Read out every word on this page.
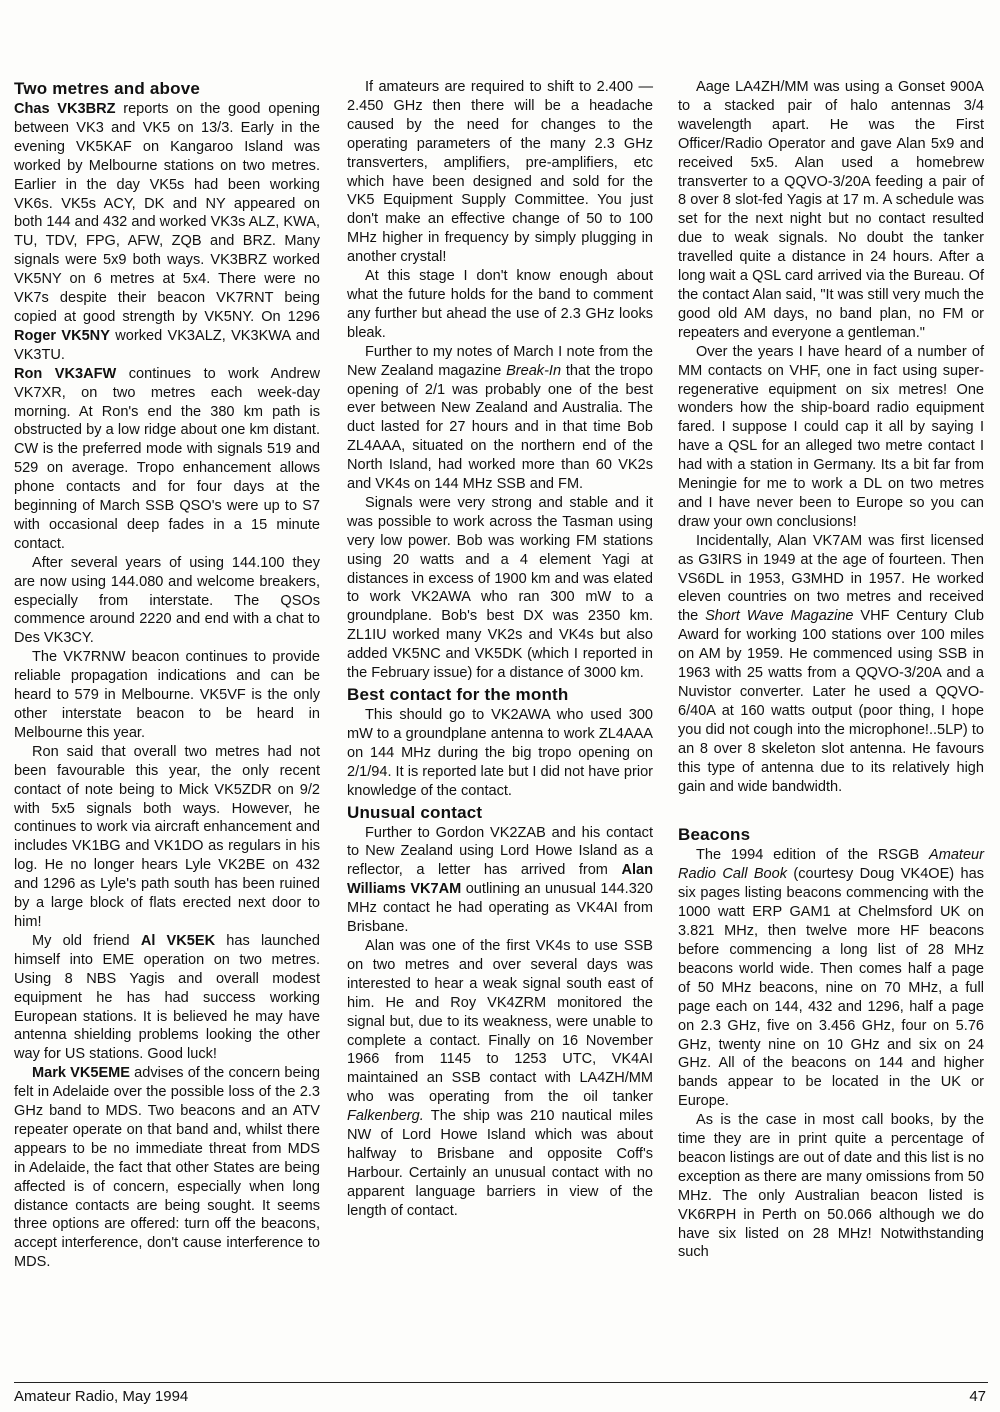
Two metres and above

Chas VK3BRZ reports on the good opening between VK3 and VK5 on 13/3. Early in the evening VK5KAF on Kangaroo Island was worked by Melbourne stations on two metres. Earlier in the day VK5s had been working VK6s. VK5s ACY, DK and NY appeared on both 144 and 432 and worked VK3s ALZ, KWA, TU, TDV, FPG, AFW, ZQB and BRZ. Many signals were 5x9 both ways. VK3BRZ worked VK5NY on 6 metres at 5x4. There were no VK7s despite their beacon VK7RNT being copied at good strength by VK5NY. On 1296 Roger VK5NY worked VK3ALZ, VK3KWA and VK3TU.

Ron VK3AFW continues to work Andrew VK7XR, on two metres each week-day morning. At Ron's end the 380 km path is obstructed by a low ridge about one km distant. CW is the preferred mode with signals 519 and 529 on average. Tropo enhancement allows phone contacts and for four days at the beginning of March SSB QSO's were up to S7 with occasional deep fades in a 15 minute contact.

After several years of using 144.100 they are now using 144.080 and welcome breakers, especially from interstate. The QSOs commence around 2220 and end with a chat to Des VK3CY.

The VK7RNW beacon continues to provide reliable propagation indications and can be heard to 579 in Melbourne. VK5VF is the only other interstate beacon to be heard in Melbourne this year.

Ron said that overall two metres had not been favourable this year, the only recent contact of note being to Mick VK5ZDR on 9/2 with 5x5 signals both ways. However, he continues to work via aircraft enhancement and includes VK1BG and VK1DO as regulars in his log. He no longer hears Lyle VK2BE on 432 and 1296 as Lyle's path south has been ruined by a large block of flats erected next door to him!

My old friend Al VK5EK has launched himself into EME operation on two metres. Using 8 NBS Yagis and overall modest equipment he has had success working European stations. It is believed he may have antenna shielding problems looking the other way for US stations. Good luck!

Mark VK5EME advises of the concern being felt in Adelaide over the possible loss of the 2.3 GHz band to MDS. Two beacons and an ATV repeater operate on that band and, whilst there appears to be no immediate threat from MDS in Adelaide, the fact that other States are being affected is of concern, especially when long distance contacts are being sought. It seems three options are offered: turn off the beacons, accept interference, don't cause interference to MDS.

If amateurs are required to shift to 2.400 — 2.450 GHz then there will be a headache caused by the need for changes to the operating parameters of the many 2.3 GHz transverters, amplifiers, pre-amplifiers, etc which have been designed and sold for the VK5 Equipment Supply Committee. You just don't make an effective change of 50 to 100 MHz higher in frequency by simply plugging in another crystal!

At this stage I don't know enough about what the future holds for the band to comment any further but ahead the use of 2.3 GHz looks bleak.

Further to my notes of March I note from the New Zealand magazine Break-In that the tropo opening of 2/1 was probably one of the best ever between New Zealand and Australia. The duct lasted for 27 hours and in that time Bob ZL4AAA, situated on the northern end of the North Island, had worked more than 60 VK2s and VK4s on 144 MHz SSB and FM.

Signals were very strong and stable and it was possible to work across the Tasman using very low power. Bob was working FM stations using 20 watts and a 4 element Yagi at distances in excess of 1900 km and was elated to work VK2AWA who ran 300 mW to a groundplane. Bob's best DX was 2350 km. ZL1IU worked many VK2s and VK4s but also added VK5NC and VK5DK (which I reported in the February issue) for a distance of 3000 km.

Best contact for the month

This should go to VK2AWA who used 300 mW to a groundplane antenna to work ZL4AAA on 144 MHz during the big tropo opening on 2/1/94. It is reported late but I did not have prior knowledge of the contact.

Unusual contact

Further to Gordon VK2ZAB and his contact to New Zealand using Lord Howe Island as a reflector, a letter has arrived from Alan Williams VK7AM outlining an unusual 144.320 MHz contact he had operating as VK4AI from Brisbane.

Alan was one of the first VK4s to use SSB on two metres and over several days was interested to hear a weak signal south east of him. He and Roy VK4ZRM monitored the signal but, due to its weakness, were unable to complete a contact. Finally on 16 November 1966 from 1145 to 1253 UTC, VK4AI maintained an SSB contact with LA4ZH/MM who was operating from the oil tanker Falkenberg. The ship was 210 nautical miles NW of Lord Howe Island which was about halfway to Brisbane and opposite Coff's Harbour. Certainly an unusual contact with no apparent language barriers in view of the length of contact.

Aage LA4ZH/MM was using a Gonset 900A to a stacked pair of halo antennas 3/4 wavelength apart. He was the First Officer/Radio Operator and gave Alan 5x9 and received 5x5. Alan used a homebrew transverter to a QQVO-3/20A feeding a pair of 8 over 8 slot-fed Yagis at 17 m. A schedule was set for the next night but no contact resulted due to weak signals. No doubt the tanker travelled quite a distance in 24 hours. After a long wait a QSL card arrived via the Bureau. Of the contact Alan said, "It was still very much the good old AM days, no band plan, no FM or repeaters and everyone a gentleman."

Over the years I have heard of a number of MM contacts on VHF, one in fact using super-regenerative equipment on six metres! One wonders how the ship-board radio equipment fared. I suppose I could cap it all by saying I have a QSL for an alleged two metre contact I had with a station in Germany. Its a bit far from Meningie for me to work a DL on two metres and I have never been to Europe so you can draw your own conclusions!

Incidentally, Alan VK7AM was first licensed as G3IRS in 1949 at the age of fourteen. Then VS6DL in 1953, G3MHD in 1957. He worked eleven countries on two metres and received the Short Wave Magazine VHF Century Club Award for working 100 stations over 100 miles on AM by 1959. He commenced using SSB in 1963 with 25 watts from a QQVO-3/20A and a Nuvistor converter. Later he used a QQVO-6/40A at 160 watts output (poor thing, I hope you did not cough into the microphone!..5LP) to an 8 over 8 skeleton slot antenna. He favours this type of antenna due to its relatively high gain and wide bandwidth.

Beacons

The 1994 edition of the RSGB Amateur Radio Call Book (courtesy Doug VK4OE) has six pages listing beacons commencing with the 1000 watt ERP GAM1 at Chelmsford UK on 3.821 MHz, then twelve more HF beacons before commencing a long list of 28 MHz beacons world wide. Then comes half a page of 50 MHz beacons, nine on 70 MHz, a full page each on 144, 432 and 1296, half a page on 2.3 GHz, five on 3.456 GHz, four on 5.76 GHz, twenty nine on 10 GHz and six on 24 GHz. All of the beacons on 144 and higher bands appear to be located in the UK or Europe.

As is the case in most call books, by the time they are in print quite a percentage of beacon listings are out of date and this list is no exception as there are many omissions from 50 MHz. The only Australian beacon listed is VK6RPH in Perth on 50.066 although we do have six listed on 28 MHz! Notwithstanding such

Amateur Radio, May 1994	47
